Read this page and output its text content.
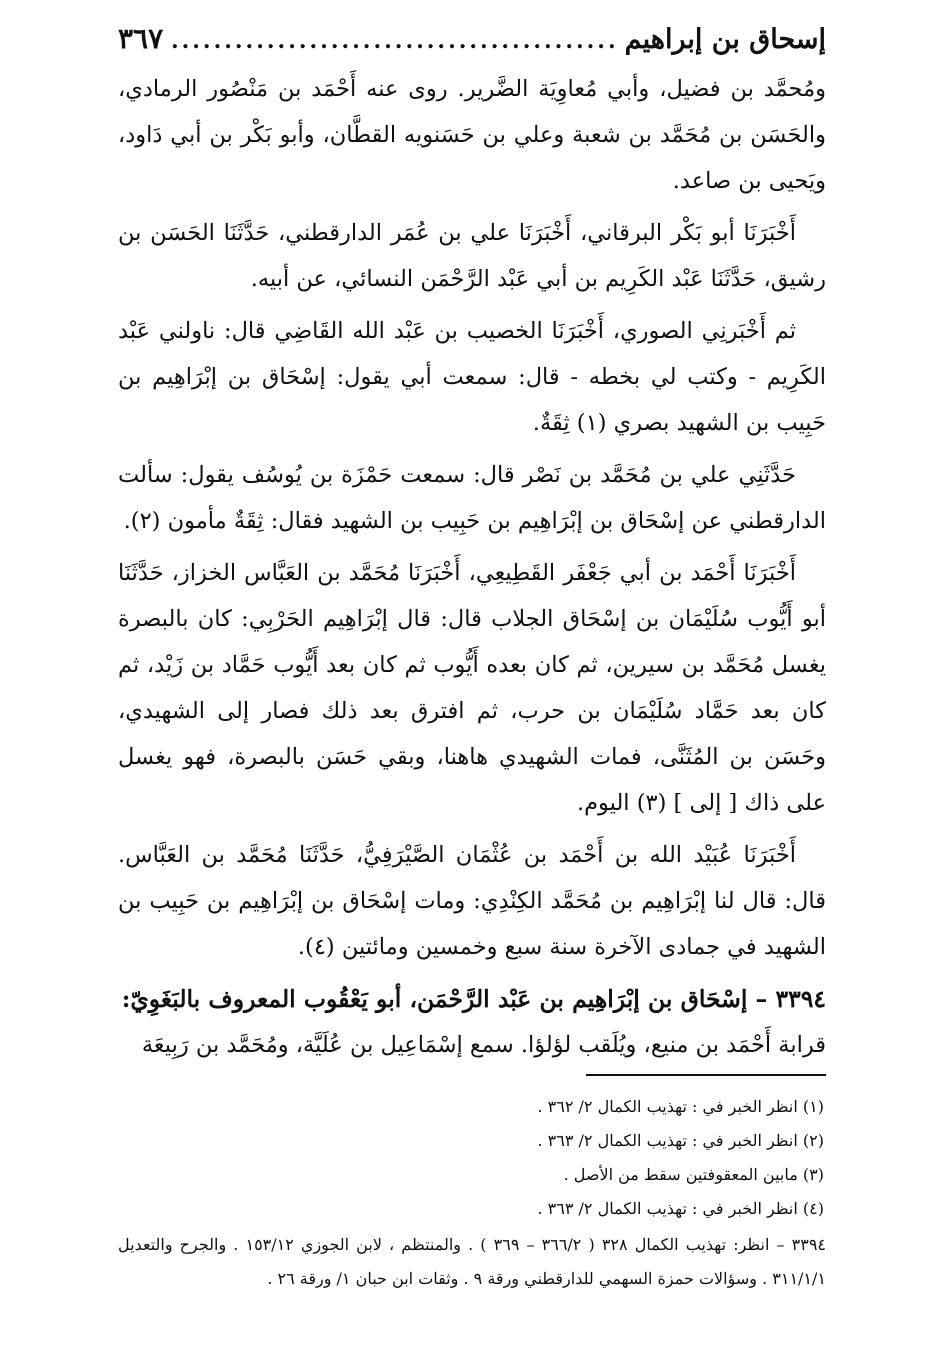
إسحاق بن إبراهيم
..........................................
٣٦٧

ومُحمَّد بن فضيل، وأبي مُعاوِيَة الضَّرير. روى عنه أَحْمَد بن مَنْصُور الرمادي، والحَسَن بن مُحَمَّد بن شعبة وعلي بن حَسَنويه القطَّان، وأبو بَكْر بن أبي دَاود، ويَحيى بن صاعد.

أَخْبَرَنَا أبو بَكْر البرقاني، أَخْبَرَنَا علي بن عُمَر الدارقطني، حَدَّثَنَا الحَسَن بن رشيق، حَدَّثَنَا عَبْد الكَرِيم بن أبي عَبْد الرَّحْمَن النسائي، عن أبيه.

ثم أَخْبَرنِي الصوري، أَخْبَرَنَا الخصيب بن عَبْد الله القَاضِي قال: ناولني عَبْد الكَرِيم - وكتب لي بخطه - قال: سمعت أبي يقول: إسْحَاق بن إبْرَاهِيم بن حَبِيب بن الشهيد بصري (١) ثِقَةٌ.

حَدَّثَنِي علي بن مُحَمَّد بن نَصْر قال: سمعت حَمْزَة بن يُوسُف يقول: سألت الدارقطني عن إسْحَاق بن إبْرَاهِيم بن حَبِيب بن الشهيد فقال: ثِقَةٌ مأمون (٢).

أَخْبَرَنَا أَحْمَد بن أبي جَعْفَر القَطِيعِي، أَخْبَرَنَا مُحَمَّد بن العَبَّاس الخزاز، حَدَّثَنَا أبو أَيُّوب سُلَيْمَان بن إسْحَاق الجلاب قال: قال إبْرَاهِيم الحَرْبِي: كان بالبصرة يغسل مُحَمَّد بن سيرين، ثم كان بعده أَيُّوب ثم كان بعد أَيُّوب حَمَّاد بن زَيْد، ثم كان بعد حَمَّاد سُلَيْمَان بن حرب، ثم افترق بعد ذلك فصار إلى الشهيدي، وحَسَن بن المُثَنَّى، فمات الشهيدي هاهنا، وبقي حَسَن بالبصرة، فهو يغسل على ذاك [ إلى ] (٣) اليوم.

أَخْبَرَنَا عُبَيْد الله بن أَحْمَد بن عُثْمَان الصَّيْرَفِيُّ، حَدَّثَنَا مُحَمَّد بن العَبَّاس. قال: قال لنا إبْرَاهِيم بن مُحَمَّد الكِنْدِي: ومات إسْحَاق بن إبْرَاهِيم بن حَبِيب بن الشهيد في جمادى الآخرة سنة سبع وخمسين ومائتين (٤).

٣٣٩٤ – إسْحَاق بن إبْرَاهِيم بن عَبْد الرَّحْمَن، أبو يَعْقُوب المعروف بالبَغَوِيّ:

قرابة أَحْمَد بن منيع، ويُلَقب لؤلؤا. سمع إسْمَاعِيل بن عُلَيَّة، ومُحَمَّد بن رَبِيعَة

(١) انظر الخبر في : تهذيب الكمال ٢/ ٣٦٢ .

(٢) انظر الخبر في : تهذيب الكمال ٢/ ٣٦٣ .

(٣) مابين المعقوفتين سقط من الأصل .

(٤) انظر الخبر في : تهذيب الكمال ٢/ ٣٦٣ .

٣٣٩٤ – انظر: تهذيب الكمال ٣٢٨ ( ٣٦٦/٢ – ٣٦٩ ) . والمنتظم ، لابن الجوزي ١٥٣/١٢ . والجرح والتعديل ٣١١/١/١ . وسؤالات حمزة السهمي للدارقطني ورقة ٩ . وثقات ابن حبان ١/ ورقة ٢٦ .
